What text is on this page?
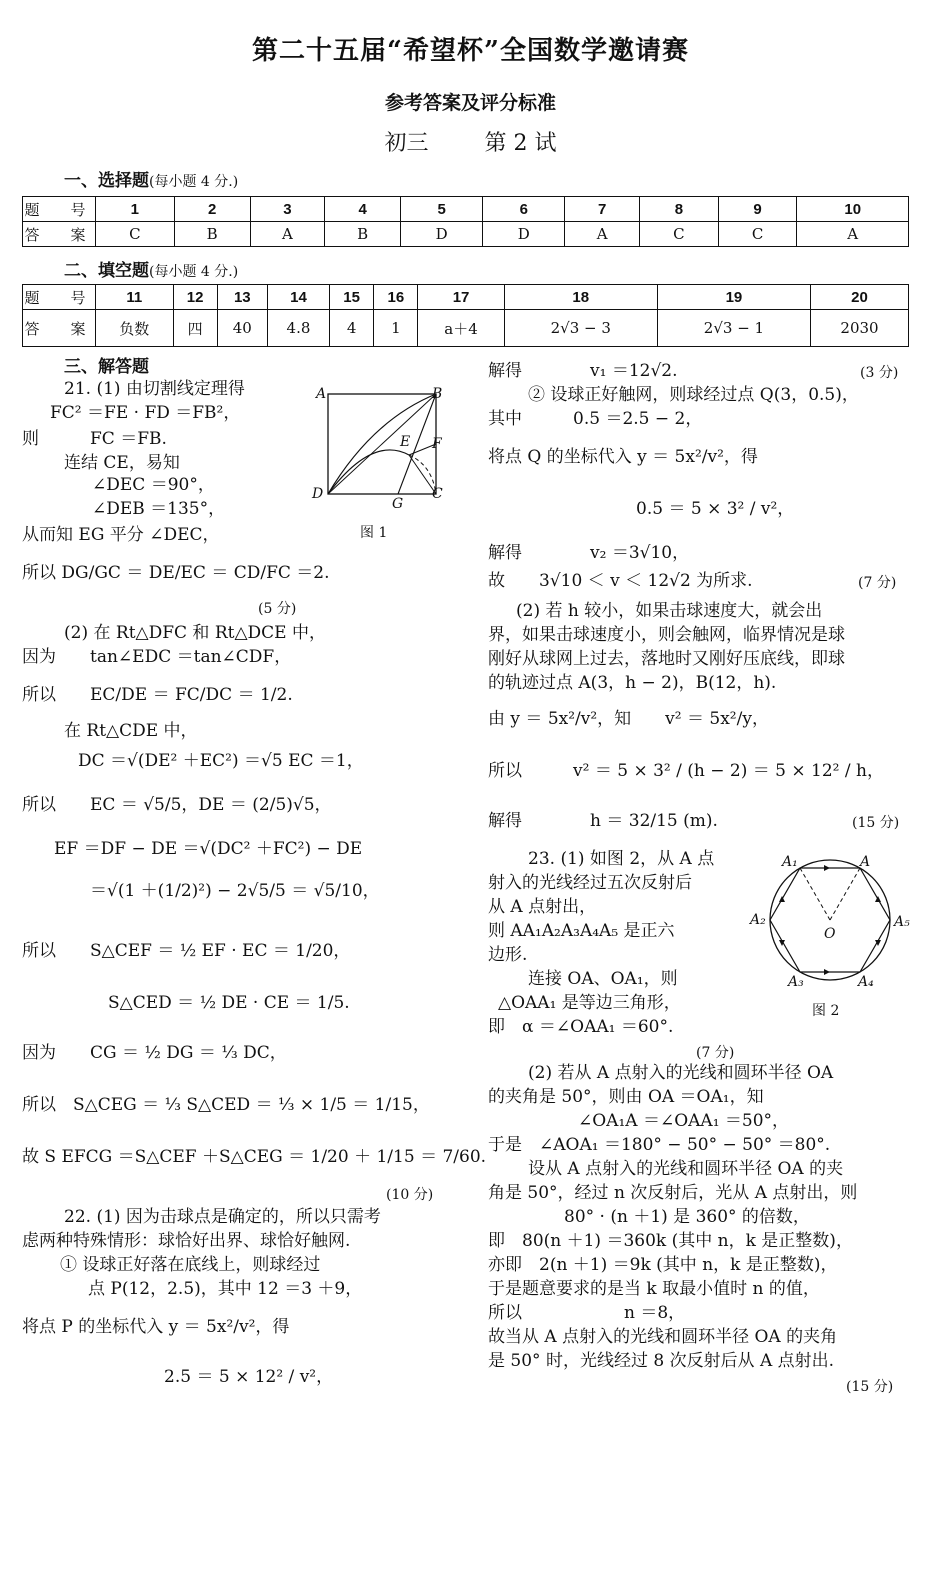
第二十五届“希望杯”全国数学邀请赛
参考答案及评分标准
初三	第 2 试
一、选择题(每小题 4 分.)
题　号	1	2	3	4	5	6	7	8	9	10
答　案	C	B	A	B	D	D	A	C	C	A
二、填空题(每小题 4 分.)
题　号	11	12	13	14	15	16	17	18	19	20
答　案	负数	四	40	4.8	4	1	a＋4	2√3 − 3	2√3 − 1	2030
三、解答题
21. (1) 由切割线定理得
FC² ＝FE · FD ＝FB²，
则　　　FC ＝FB.
连结 CE，易知
∠DEC ＝90°，
∠DEB ＝135°，
从而知 EG 平分 ∠DEC，
所以 DG/GC ＝ DE/EC ＝ CD/FC ＝2.
(5 分)
(2) 在 Rt△DFC 和 Rt△DCE 中，
因为　　tan∠EDC ＝tan∠CDF，
所以　　EC/DE ＝ FC/DC ＝ 1/2.
在 Rt△CDE 中，
DC ＝√(DE² ＋EC²) ＝√5 EC ＝1，
所以　　EC ＝ √5/5，DE ＝ (2/5)√5，
EF ＝DF − DE ＝√(DC² ＋FC²) − DE
＝√(1 ＋(1/2)²) − 2√5/5 ＝ √5/10，
所以　　S△CEF ＝ ½ EF · EC ＝ 1/20，
S△CED ＝ ½ DE · CE ＝ 1/5.
因为　　CG ＝ ½ DG ＝ ⅓ DC，
所以　S△CEG ＝ ⅓ S△CED ＝ ⅓ × 1/5 ＝ 1/15，
故 S EFCG ＝S△CEF ＋S△CEG ＝ 1/20 ＋ 1/15 ＝ 7/60.
(10 分)
22. (1) 因为击球点是确定的，所以只需考
虑两种特殊情形：球恰好出界、球恰好触网.
① 设球正好落在底线上，则球经过
点 P(12，2.5)，其中 12 ＝3 ＋9，
将点 P 的坐标代入 y ＝ 5x²/v²，得
2.5 ＝ 5 × 12² / v²，
解得　　　　v₁ ＝12√2.	(3 分)
② 设球正好触网，则球经过点 Q(3，0.5)，
其中　　　0.5 ＝2.5 − 2，
将点 Q 的坐标代入 y ＝ 5x²/v²，得
0.5 ＝ 5 × 3² / v²，
解得　　　　v₂ ＝3√10，
故　　3√10 ＜ v ＜ 12√2 为所求.	(7 分)
(2) 若 h 较小，如果击球速度大，就会出
界，如果击球速度小，则会触网，临界情况是球
刚好从球网上过去，落地时又刚好压底线，即球
的轨迹过点 A(3，h − 2)，B(12，h).
由 y ＝ 5x²/v²，知　　v² ＝ 5x²/y，
所以　　　v² ＝ 5 × 3² / (h − 2) ＝ 5 × 12² / h，
解得　　　　h ＝ 32/15 (m).	(15 分)
23. (1) 如图 2，从 A 点
射入的光线经过五次反射后
从 A 点射出，
则 AA₁A₂A₃A₄A₅ 是正六
边形.
连接 OA、OA₁，则
△OAA₁ 是等边三角形，
即　α ＝∠OAA₁ ＝60°.
(7 分)
(2) 若从 A 点射入的光线和圆环半径 OA
的夹角是 50°，则由 OA ＝OA₁，知
∠OA₁A ＝∠OAA₁ ＝50°，
于是　∠AOA₁ ＝180° − 50° − 50° ＝80°.
设从 A 点射入的光线和圆环半径 OA 的夹
角是 50°，经过 n 次反射后，光从 A 点射出，则
80° · (n ＋1) 是 360° 的倍数，
即　80(n ＋1) ＝360k (其中 n，k 是正整数)，
亦即　2(n ＋1) ＝9k (其中 n，k 是正整数)，
于是题意要求的是当 k 取最小值时 n 的值，
所以　　　　　　n ＝8，
故当从 A 点射入的光线和圆环半径 OA 的夹角
是 50° 时，光线经过 8 次反射后从 A 点射出.
(15 分)
A	B
E F
D
G
C
图 1
A₁	A
A₂
O
A₅
A₃	A₄
图 2
